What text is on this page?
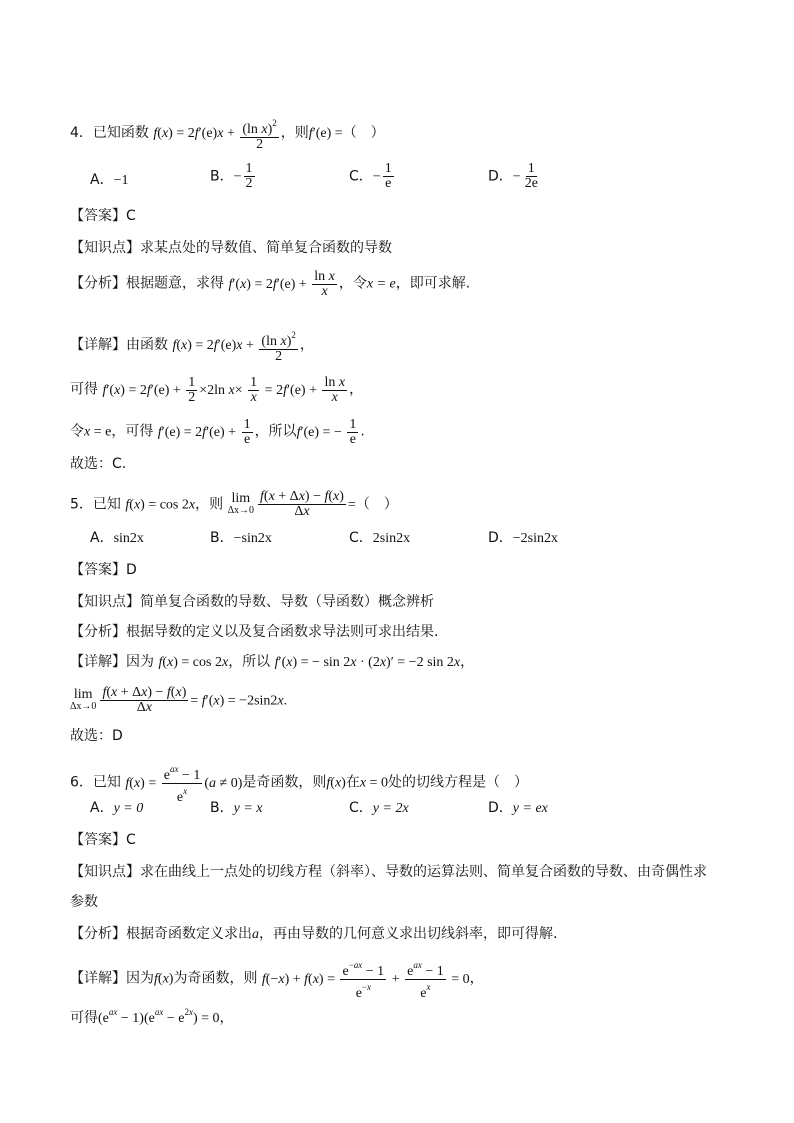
4．已知函数 $f(x) = 2f'(e)x + \frac{(\ln x)^2}{2}$ ，则f′(e) =（　）
A．−1	B．− $\frac{1}{2}$	C．− $\frac{1}{e}$	D．− $\frac{1}{2e}$
【答案】C
【知识点】求某点处的导数值、简单复合函数的导数
【分析】根据题意，求得 $f'(x) = 2f'(e) + \frac{\text{ln x}}{x}$ ，令x = e，即可求解.
【详解】由函数 $f(x) = 2f'(e)x + \frac{(\ln x)^2}{2}$ ，
可得 $f'(x) = 2f'(e) + \frac{1}{2} \times 2\ln$ $x\times \frac{1}{x} = 2f'(e) + \frac{\text{ln x}}{x}$ ，
令x = e，可得 $f'(e) = 2f'(e) + \frac{1}{e}$ ，所以f′(e) = − $\frac{1}{e}$ .
故选：C.
5．已知 f(x) = cos 2x，则 lim
$\Delta x\to 0 \frac{f(x + \Delta x) - f(x)}{\Delta x}$ =（　）
A．sin2x	B．−sin2x	C．2sin2x	D．−2sin2x
【答案】D
【知识点】简单复合函数的导数、导数（导函数）概念辨析
【分析】根据导数的定义以及复合函数求导法则可求出结果.
【详解】因为 f(x) = cos 2x，所以 f′(x) = − sin 2x · (2x)′ = −2 sin 2x，
lim
$\Delta x\to 0 \frac{f(x + \Delta x) - f(x)}{\Delta x} = f'(x) = -2\sin 2x$.
故选：D
6．已知 f(x) =
$e^{ax} - 1$
$e^x$
(a ≠ 0)是奇函数，则f(x)在x = 0处的切线方程是（　）
A．y = 0	B．y = x	C．y = 2x	D．y = ex
【答案】C
【知识点】求在曲线上一点处的切线方程（斜率）、导数的运算法则、简单复合函数的导数、由奇偶性求
参数
【分析】根据奇函数定义求出a，再由导数的几何意义求出切线斜率，即可得解.
【详解】因为f(x)为奇函数，则 $f(-x) + f(x) = \frac{e^{-ax} - 1}{e^{-x}}$ +
$e^{ax} - 1$
$e^x$
= 0，
可得$(e^{ax} - 1)(e^{ax} - e^{2x}) = 0$，
